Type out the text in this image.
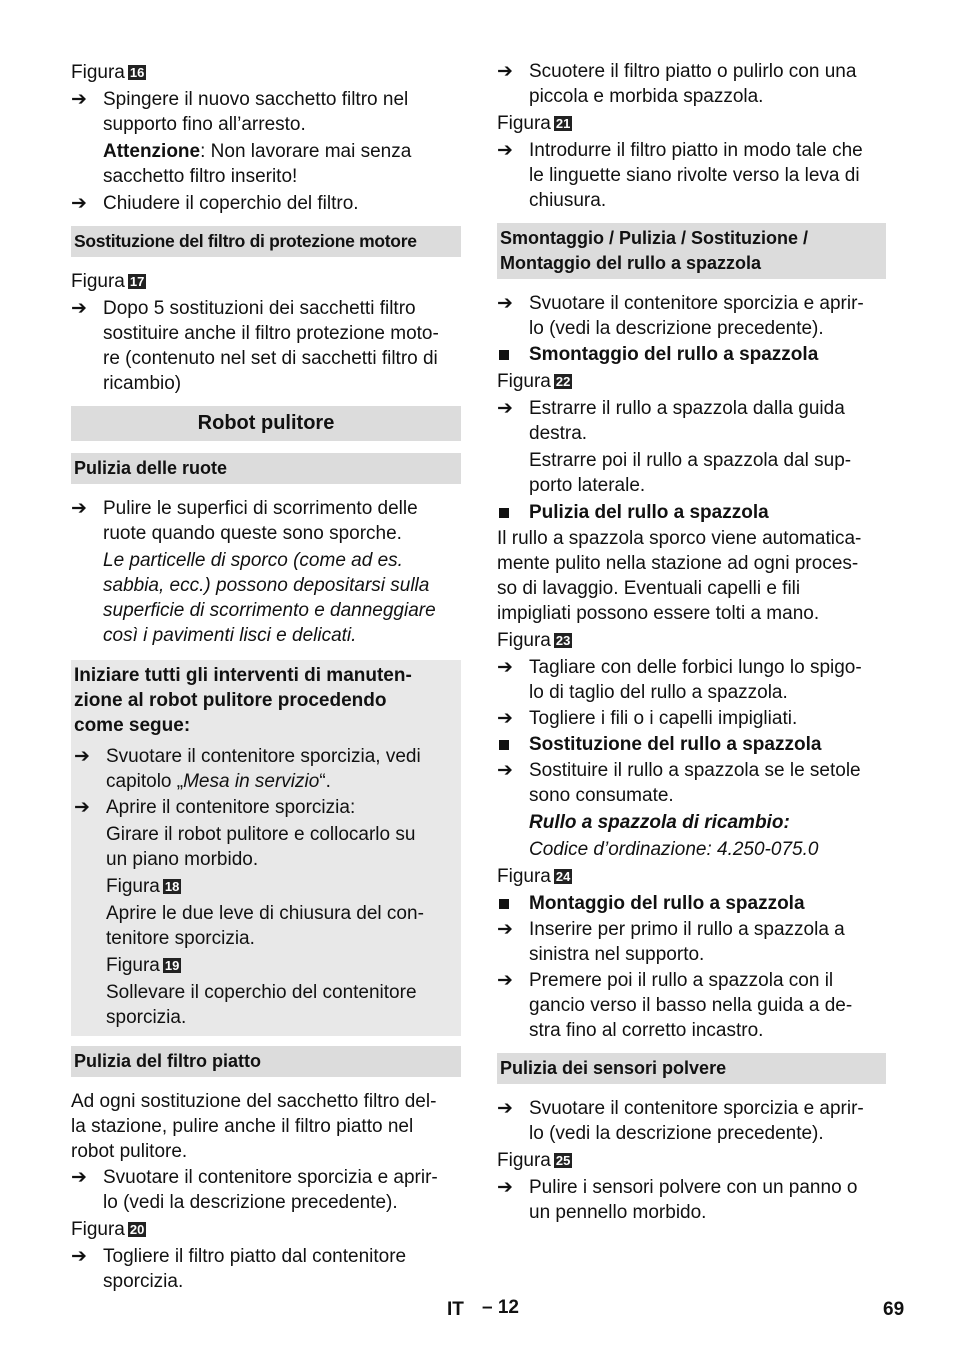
Figura 16
➔ Spingere il nuovo sacchetto filtro nel
supporto fino all’arresto.
Attenzione: Non lavorare mai senza
sacchetto filtro inserito!
➔ Chiudere il coperchio del filtro.
Sostituzione del filtro di protezione motore
Figura 17
➔ Dopo 5 sostituzioni dei sacchetti filtro
sostituire anche il filtro protezione moto-
re (contenuto nel set di sacchetti filtro di
ricambio)
Robot pulitore
Pulizia delle ruote
➔ Pulire le superfici di scorrimento delle
ruote quando queste sono sporche.
Le particelle di sporco (come ad es.
sabbia, ecc.) possono depositarsi sulla
superficie di scorrimento e danneggiare
così i pavimenti lisci e delicati.
Iniziare tutti gli interventi di manuten-
zione al robot pulitore procedendo
come segue:
➔ Svuotare il contenitore sporcizia, vedi
capitolo „Mesa in servizio“.
➔ Aprire il contenitore sporcizia:
Girare il robot pulitore e collocarlo su
un piano morbido.
Figura 18
Aprire le due leve di chiusura del con-
tenitore sporcizia.
Figura 19
Sollevare il coperchio del contenitore
sporcizia.
Pulizia del filtro piatto
Ad ogni sostituzione del sacchetto filtro del-
la stazione, pulire anche il filtro piatto nel
robot pulitore.
➔ Svuotare il contenitore sporcizia e aprir-
lo (vedi la descrizione precedente).
Figura 20
➔ Togliere il filtro piatto dal contenitore
sporcizia.
➔ Scuotere il filtro piatto o pulirlo con una
piccola e morbida spazzola.
Figura 21
➔ Introdurre il filtro piatto in modo tale che
le linguette siano rivolte verso la leva di
chiusura.
Smontaggio / Pulizia / Sostituzione /
Montaggio del rullo a spazzola
➔ Svuotare il contenitore sporcizia e aprir-
lo (vedi la descrizione precedente).
Smontaggio del rullo a spazzola
Figura 22
➔ Estrarre il rullo a spazzola dalla guida
destra.
Estrarre poi il rullo a spazzola dal sup-
porto laterale.
Pulizia del rullo a spazzola
Il rullo a spazzola sporco viene automatica-
mente pulito nella stazione ad ogni proces-
so di lavaggio. Eventuali capelli e fili
impigliati possono essere tolti a mano.
Figura 23
➔ Tagliare con delle forbici lungo lo spigo-
lo di taglio del rullo a spazzola.
➔ Togliere i fili o i capelli impigliati.
Sostituzione del rullo a spazzola
➔ Sostituire il rullo a spazzola se le setole
sono consumate.
Rullo a spazzola di ricambio:
Codice d’ordinazione: 4.250-075.0
Figura 24
Montaggio del rullo a spazzola
➔ Inserire per primo il rullo a spazzola a
sinistra nel supporto.
➔ Premere poi il rullo a spazzola con il
gancio verso il basso nella guida a de-
stra fino al corretto incastro.
Pulizia dei sensori polvere
➔ Svuotare il contenitore sporcizia e aprir-
lo (vedi la descrizione precedente).
Figura 25
➔ Pulire i sensori polvere con un panno o
un pennello morbido.
IT – 12	69
